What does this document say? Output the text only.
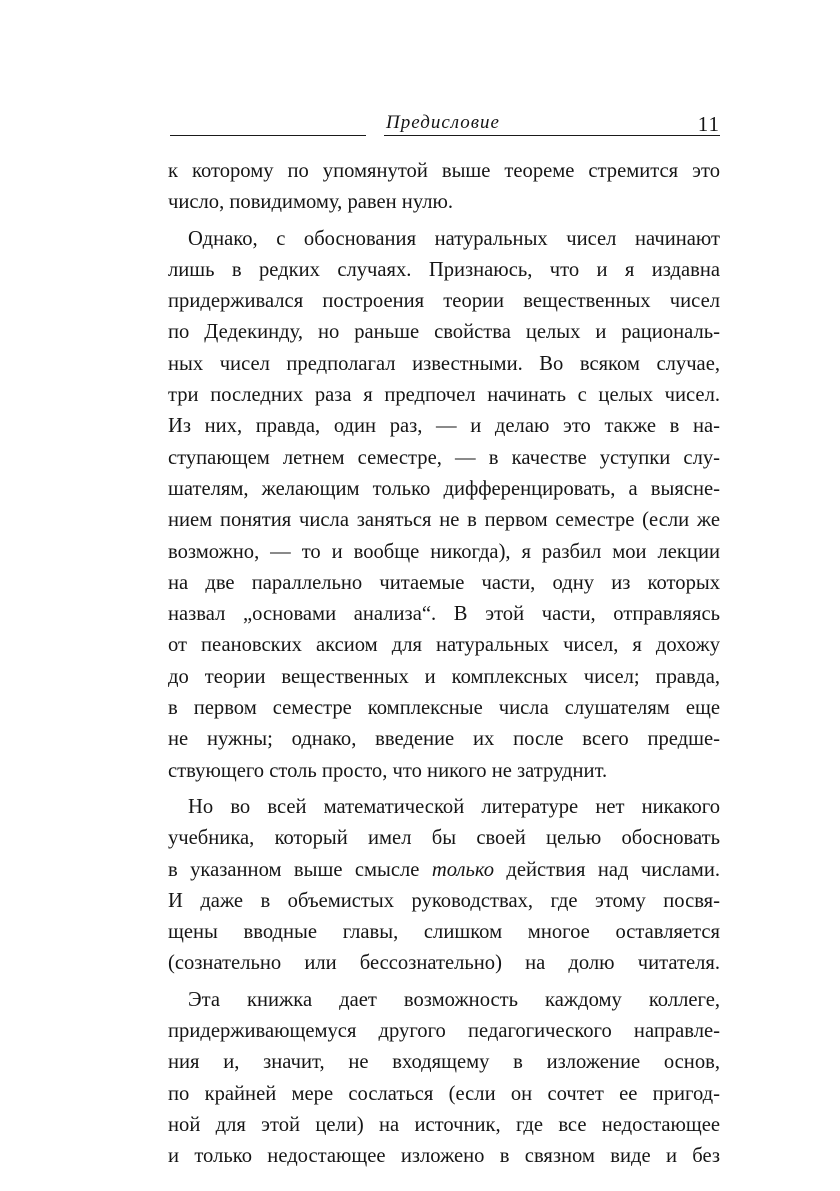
Предисловие	11
к которому по упомянутой выше теореме стремится это
число, повидимому, равен нулю.
Однако, с обоснования натуральных чисел начинают
лишь в редких случаях. Признаюсь, что и я издавна
придерживался построения теории вещественных чисел
по Дедекинду, но раньше свойства целых и рациональ-
ных чисел предполагал известными. Во всяком случае,
три последних раза я предпочел начинать с целых чисел.
Из них, правда, один раз, — и делаю это также в на-
ступающем летнем семестре, — в качестве уступки слу-
шателям, желающим только дифференцировать, а выясне-
нием понятия числа заняться не в первом семестре (если же
возможно, — то и вообще никогда), я разбил мои лекции
на две параллельно читаемые части, одну из которых
назвал „основами анализа“. В этой части, отправляясь
от пеановских аксиом для натуральных чисел, я дохожу
до теории вещественных и комплексных чисел; правда,
в первом семестре комплексные числа слушателям еще
не нужны; однако, введение их после всего предше-
ствующего столь просто, что никого не затруднит.
Но во всей математической литературе нет никакого
учебника, который имел бы своей целью обосновать
в указанном выше смысле только действия над числами.
И даже в объемистых руководствах, где этому посвя-
щены вводные главы, слишком многое оставляется
(сознательно или бессознательно) на долю читателя.
Эта книжка дает возможность каждому коллеге,
придерживающемуся другого педагогического направле-
ния и, значит, не входящему в изложение основ,
по крайней мере сослаться (если он сочтет ее пригод-
ной для этой цели) на источник, где все недостающее
и только недостающее изложено в связном виде и без
